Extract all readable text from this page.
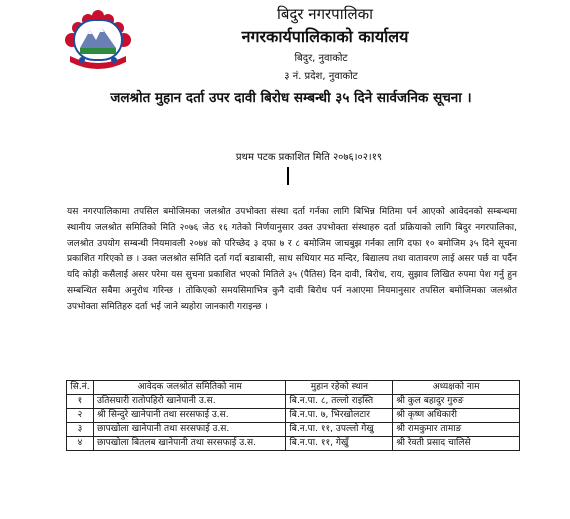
बिदुर नगरपालिका
नगरकार्यपालिकाको कार्यालय
बिदुर, नुवाकोट
३ नं. प्रदेश, नुवाकोट
जलश्रोत मुहान दर्ता उपर दावी बिरोध सम्बन्धी ३५ दिने सार्वजनिक सूचना ।
प्रथम पटक प्रकाशित मिति २०७६।०२।१९
यस नगरपालिकामा तपसिल बमोजिमका जलश्रोत उपभोक्ता संस्था दर्ता गर्नका लागि बिभिन्न मितिमा पर्न आएको आवेदनको सम्बन्धमा स्थानीय जलश्रोत समितिको मिति २०७६ जेठ १६ गतेको निर्णयानुसार उक्त उपभोक्ता संस्थाहरु दर्ता प्रक्रियाको लागि बिदुर नगरपालिका, जलश्रोत उपयोग सम्बन्धी नियमावली २०७४ को परिच्छेद ३ दफा ७ र ८ बमोजिम जाचबुझ गर्नका लागि दफा १० बमोजिम ३५ दिने सूचना प्रकाशित गरिएको छ । उक्त जलश्रोत समिति दर्ता गर्दा बडाबासी, साध सधियार मठ मन्दिर, बिद्यालय तथा वातावरण लाई असर पर्छ वा पर्दैन यदि कोही कसैलाई असर परेमा यस सुचना प्रकाशित भएको मितिले ३५ (पैतिस) दिन दावी, बिरोध, राय, सुझाव लिखित रुपमा पेश गर्नु हुन सम्बन्धित सबैमा अनुरोध गरिन्छ । तोकिएको समयसिमाभित्र कुनै दावी बिरोध पर्न नआएमा नियमानुसार तपसिल बमोजिमका जलश्रोत उपभोक्ता समितिहरु दर्ता भई जाने ब्यहोरा जानकारी गराइन्छ ।
सि.नं.	आवेदक जलश्रोत समितिको नाम	मुहान रहेको स्थान	अध्यक्षको नाम
१	उतिसघारी रातोपहिरो खानेपानी उ.स.	बि.न.पा. ८, तल्लो राइस्ति	श्री कुल बहादुर गुरुङ
२	श्री सिन्दुरे खानेपानी तथा सरसफाई उ.स.	बि.न.पा. ७, भिरखोलटार	श्री कृष्ण अधिकारी
३	छापखोला खानेपानी तथा सरसफाई उ.स.	बि.न.पा. ११, उपल्लो गेखु	श्री रामकुमार तामाङ
४	छापखोला बितलब खानेपानी तथा सरसफाई उ.स.	बि.न.पा. ११, गेखुँ	श्री रेवती प्रसाद चालिसे
